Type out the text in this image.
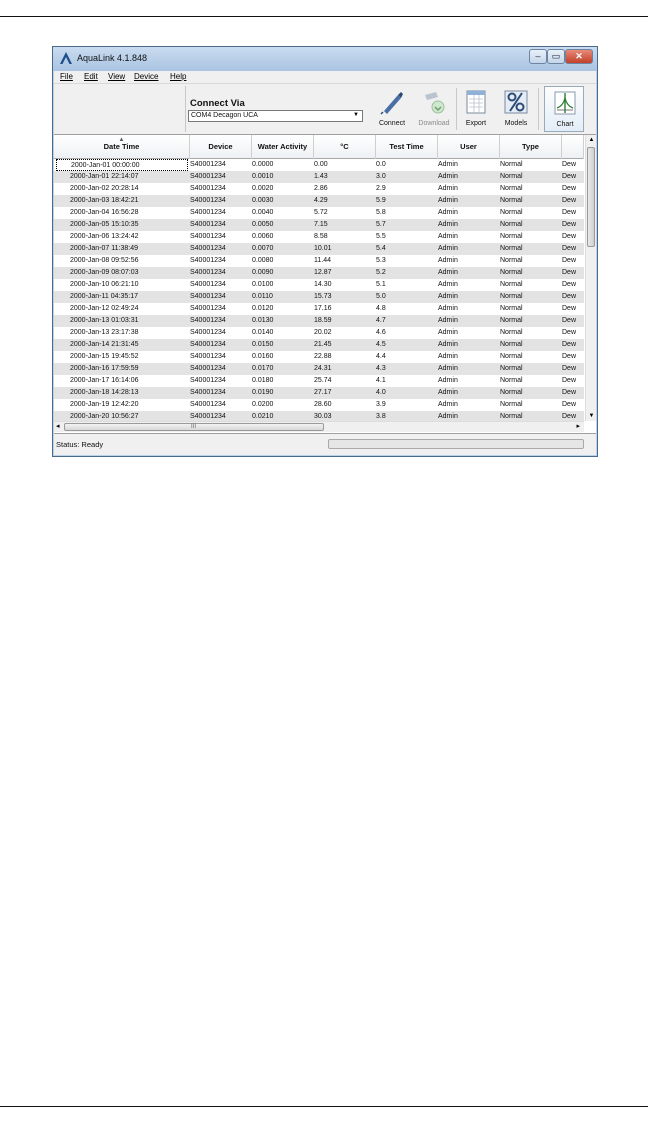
AquaLink 4.1.848	‒	▭	✕
File Edit View Device Help
Connect Via
COM4 Decagon UCA	▼
Connect	Download	Export	Models	Chart
▲
Date Time	Device	Water Activity	°C	Test Time	User	Type
2000-Jan-01 00:00:00	S40001234	0.0000	0.00	0.0	Admin	Normal	Dew
2000-Jan-01 22:14:07	S40001234	0.0010	1.43	3.0	Admin	Normal	Dew
2000-Jan-02 20:28:14	S40001234	0.0020	2.86	2.9	Admin	Normal	Dew
2000-Jan-03 18:42:21	S40001234	0.0030	4.29	5.9	Admin	Normal	Dew
2000-Jan-04 16:56:28	S40001234	0.0040	5.72	5.8	Admin	Normal	Dew
2000-Jan-05 15:10:35	S40001234	0.0050	7.15	5.7	Admin	Normal	Dew
2000-Jan-06 13:24:42	S40001234	0.0060	8.58	5.5	Admin	Normal	Dew
2000-Jan-07 11:38:49	S40001234	0.0070	10.01	5.4	Admin	Normal	Dew
2000-Jan-08 09:52:56	S40001234	0.0080	11.44	5.3	Admin	Normal	Dew
2000-Jan-09 08:07:03	S40001234	0.0090	12.87	5.2	Admin	Normal	Dew
2000-Jan-10 06:21:10	S40001234	0.0100	14.30	5.1	Admin	Normal	Dew
2000-Jan-11 04:35:17	S40001234	0.0110	15.73	5.0	Admin	Normal	Dew
2000-Jan-12 02:49:24	S40001234	0.0120	17.16	4.8	Admin	Normal	Dew
2000-Jan-13 01:03:31	S40001234	0.0130	18.59	4.7	Admin	Normal	Dew
2000-Jan-13 23:17:38	S40001234	0.0140	20.02	4.6	Admin	Normal	Dew
2000-Jan-14 21:31:45	S40001234	0.0150	21.45	4.5	Admin	Normal	Dew
2000-Jan-15 19:45:52	S40001234	0.0160	22.88	4.4	Admin	Normal	Dew
2000-Jan-16 17:59:59	S40001234	0.0170	24.31	4.3	Admin	Normal	Dew
2000-Jan-17 16:14:06	S40001234	0.0180	25.74	4.1	Admin	Normal	Dew
2000-Jan-18 14:28:13	S40001234	0.0190	27.17	4.0	Admin	Normal	Dew
2000-Jan-19 12:42:20	S40001234	0.0200	28.60	3.9	Admin	Normal	Dew
2000-Jan-20 10:56:27	S40001234	0.0210	30.03	3.8	Admin	Normal	Dew
▲
▼
◂	III	▸
Status: Ready
